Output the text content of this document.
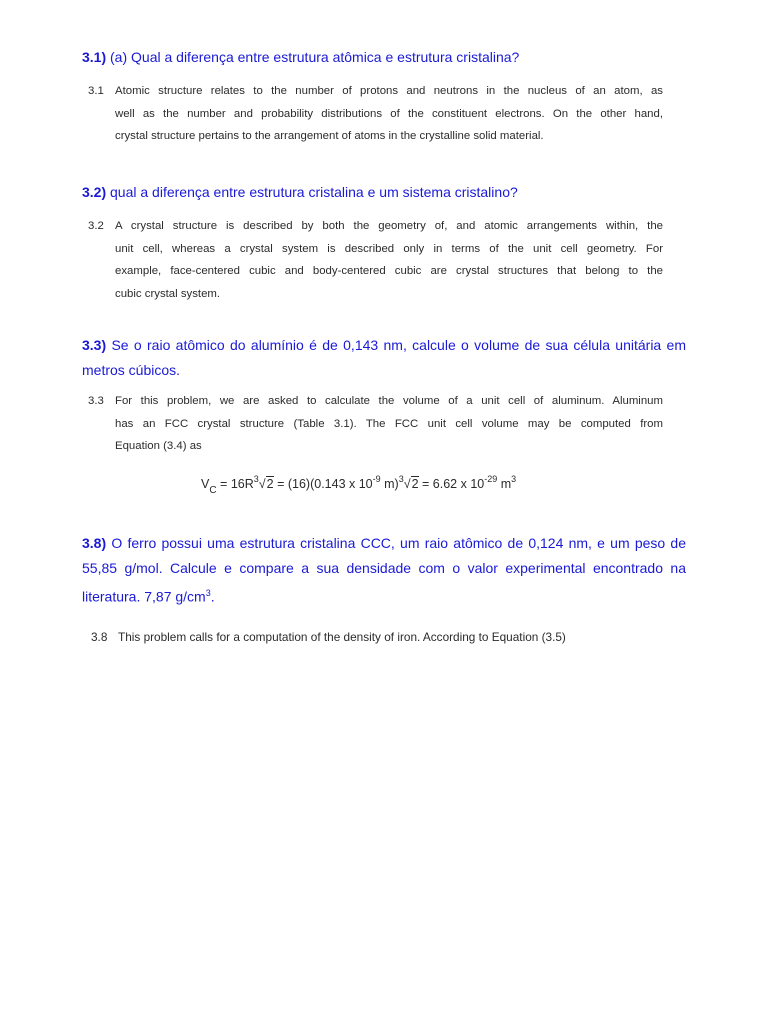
3.1) (a) Qual a diferença entre estrutura atômica e estrutura cristalina?
3.1 Atomic structure relates to the number of protons and neutrons in the nucleus of an atom, as
well as the number and probability distributions of the constituent electrons. On the other hand,
crystal structure pertains to the arrangement of atoms in the crystalline solid material.
3.2) qual a diferença entre estrutura cristalina e um sistema cristalino?
3.2 A crystal structure is described by both the geometry of, and atomic arrangements within, the
unit cell, whereas a crystal system is described only in terms of the unit cell geometry. For
example, face-centered cubic and body-centered cubic are crystal structures that belong to the
cubic crystal system.
3.3) Se o raio atômico do alumínio é de 0,143 nm, calcule o volume de sua célula unitária em metros cúbicos.
3.3 For this problem, we are asked to calculate the volume of a unit cell of aluminum. Aluminum
has an FCC crystal structure (Table 3.1). The FCC unit cell volume may be computed from
Equation (3.4) as
$V_C = 16R^3√2 = (16)(0.143$ x $10^{-9}$ m)$^3$√2 = 6.62 x $10^{-29}$ $m^3$
3.8) O ferro possui uma estrutura cristalina CCC, um raio atômico de 0,124 nm, e um peso de 55,85 g/mol. Calcule e compare a sua densidade com o valor experimental encontrado na literatura. 7,87 $g/cm^3$.
3.8 This problem calls for a computation of the density of iron. According to Equation (3.5)
